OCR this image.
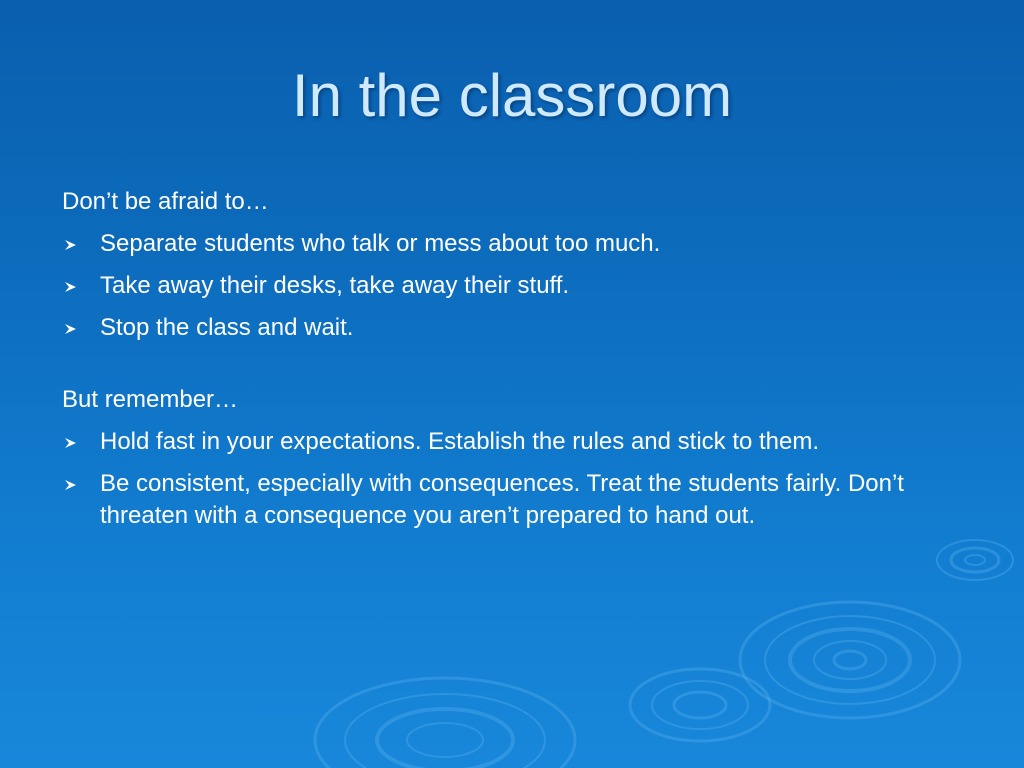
In the classroom

Don’t be afraid to…

Separate students who talk or mess about too much.
Take away their desks, take away their stuff.
Stop the class and wait.

But remember…

Hold fast in your expectations. Establish the rules and stick to them.
Be consistent, especially with consequences. Treat the students fairly. Don’t threaten with a consequence you aren’t prepared to hand out.
